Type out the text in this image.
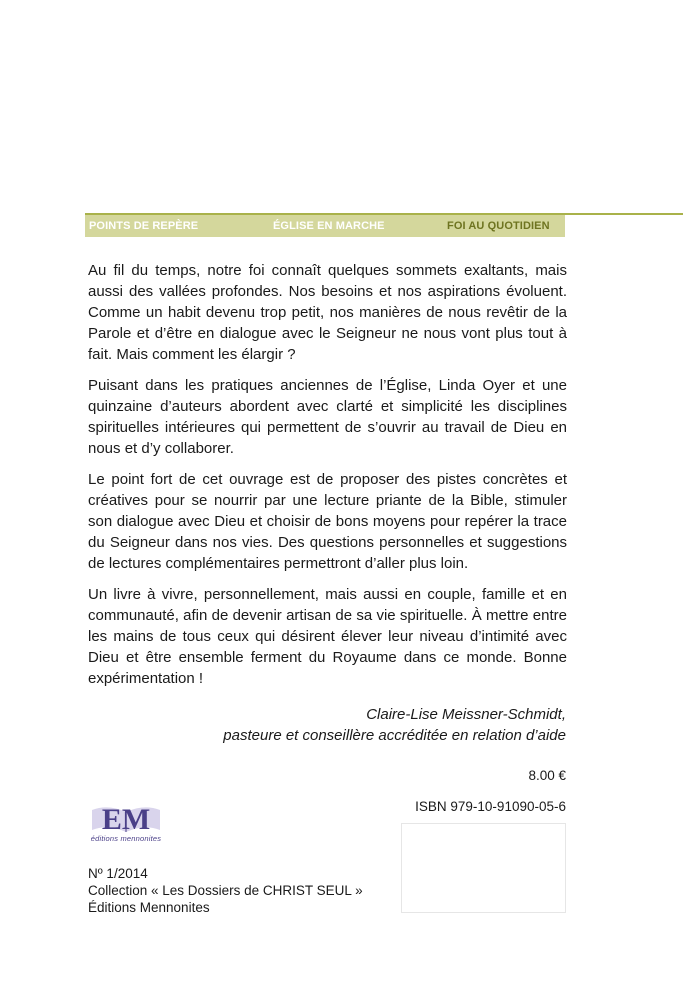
POINTS DE REPÈRE	ÉGLISE EN MARCHE	FOI AU QUOTIDIEN

Au fil du temps, notre foi connaît quelques sommets exaltants, mais aussi des vallées profondes. Nos besoins et nos aspirations évoluent. Comme un habit devenu trop petit, nos manières de nous revêtir de la Parole et d’être en dialogue avec le Seigneur ne nous vont plus tout à fait. Mais comment les élargir ?

Puisant dans les pratiques anciennes de l’Église, Linda Oyer et une quinzaine d’auteurs abordent avec clarté et simplicité les disciplines spirituelles intérieures qui permettent de s’ouvrir au travail de Dieu en nous et d’y collaborer.

Le point fort de cet ouvrage est de proposer des pistes concrètes et créatives pour se nourrir par une lecture priante de la Bible, stimuler son dialogue avec Dieu et choisir de bons moyens pour repérer la trace du Seigneur dans nos vies. Des questions personnelles et suggestions de lectures complémentaires permettront d’aller plus loin.

Un livre à vivre, personnellement, mais aussi en couple, famille et en communauté, afin de devenir artisan de sa vie spirituelle. À mettre entre les mains de tous ceux qui désirent élever leur niveau d’intimité avec Dieu et être ensemble ferment du Royaume dans ce monde. Bonne expérimentation !

Claire-Lise Meissner-Schmidt,
pasteure et conseillère accréditée en relation d’aide
8.00 €
ISBN 979-10-91090-05-6
EM
éditions mennonites
Nº 1/2014
Collection « Les Dossiers de CHRIST SEUL »
Éditions Mennonites
